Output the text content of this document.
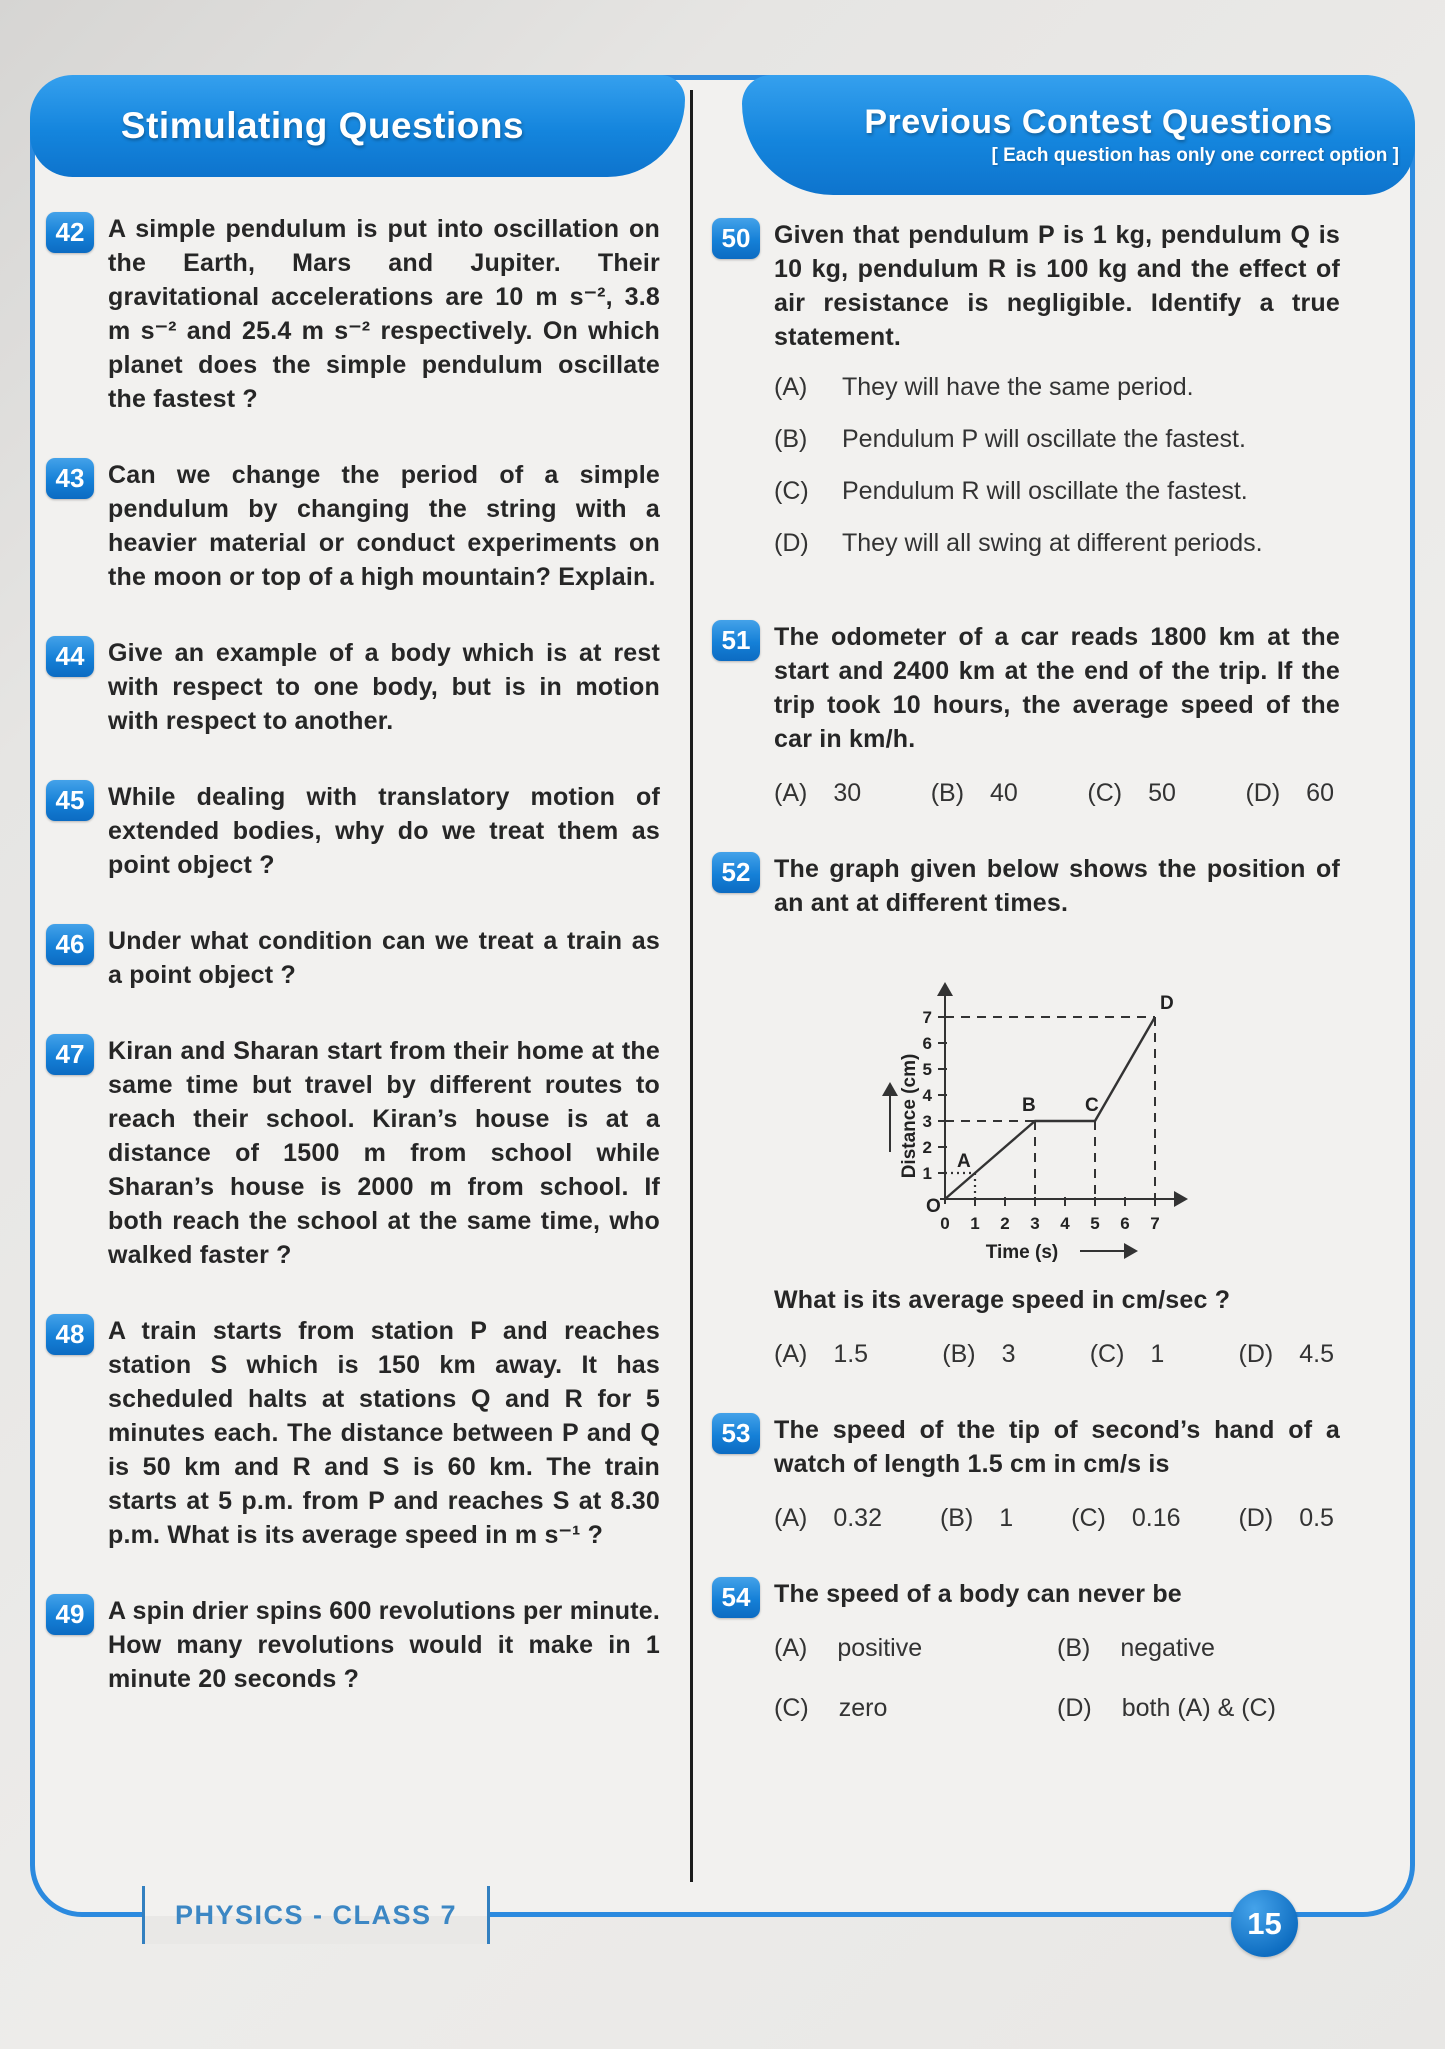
Stimulating Questions	Previous Contest Questions
[ Each question has only one correct option ]
42 A simple pendulum is put into oscillation on the Earth, Mars and Jupiter. Their gravitational accelerations are 10 m s⁻², 3.8 m s⁻² and 25.4 m s⁻² respectively. On which planet does the simple pendulum oscillate the fastest ?

43 Can we change the period of a simple pendulum by changing the string with a heavier material or conduct experiments on the moon or top of a high mountain? Explain.

44 Give an example of a body which is at rest with respect to one body, but is in motion with respect to another.

45 While dealing with translatory motion of extended bodies, why do we treat them as point object ?

46 Under what condition can we treat a train as a point object ?

47 Kiran and Sharan start from their home at the same time but travel by different routes to reach their school. Kiran’s house is at a distance of 1500 m from school while Sharan’s house is 2000 m from school. If both reach the school at the same time, who walked faster ?

48 A train starts from station P and reaches station S which is 150 km away. It has scheduled halts at stations Q and R for 5 minutes each. The distance between P and Q is 50 km and R and S is 60 km. The train starts at 5 p.m. from P and reaches S at 8.30 p.m. What is its average speed in m s⁻¹ ?

49 A spin drier spins 600 revolutions per minute. How many revolutions would it make in 1 minute 20 seconds ?

50 Given that pendulum P is 1 kg, pendulum Q is 10 kg, pendulum R is 100 kg and the effect of air resistance is negligible. Identify a true statement.

(A)	They will have the same period.

(B)	Pendulum P will oscillate the fastest.

(C)	Pendulum R will oscillate the fastest.

(D)	They will all swing at different periods.

51 The odometer of a car reads 1800 km at the start and 2400 km at the end of the trip. If the trip took 10 hours, the average speed of the car in km/h.

(A) 30	(B) 40	(C) 50	(D) 60
52 The graph given below shows the position of an ant at different times.

Distance (cm)
Time (s)
1
2
3
4
5
6
7
0 1 2 3 4 5 6 7
O
A
B	C
D

What is its average speed in cm/sec ?

(A) 1.5	(B) 3	(C) 1	(D) 4.5
53 The speed of the tip of second’s hand of a watch of length 1.5 cm in cm/s is

(A) 0.32 (B) 1 (C) 0.16 (D) 0.5
54 The speed of a body can never be

(A) positive	(B) negative
(C) zero	(D) both (A) & (C)
PHYSICS - CLASS 7	15
